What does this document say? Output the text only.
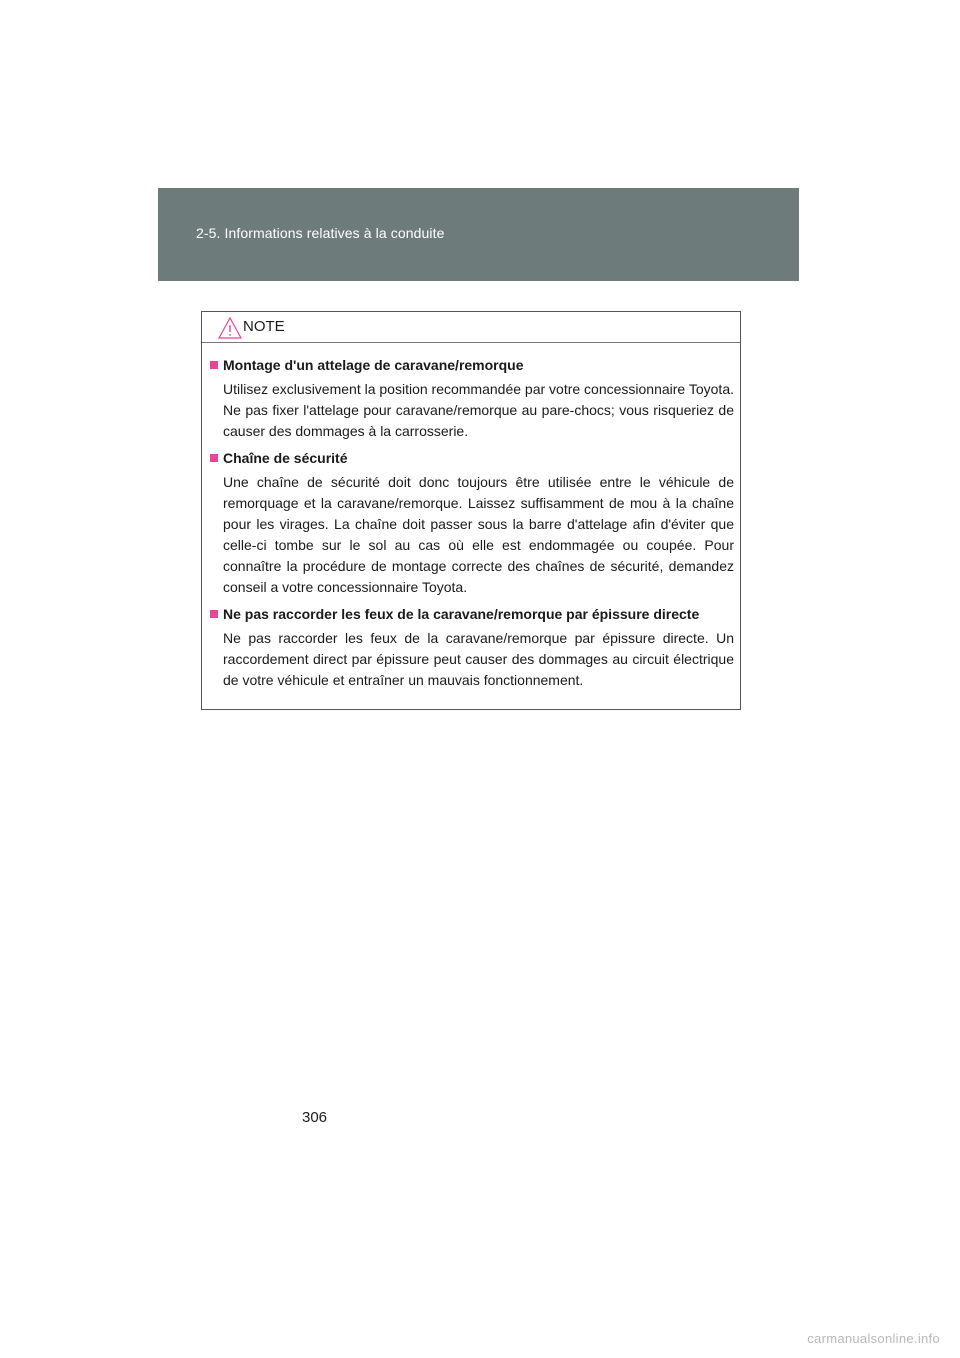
2-5. Informations relatives à la conduite
NOTE
Montage d'un attelage de caravane/remorque
Utilisez exclusivement la position recommandée par votre concessionnaire Toyota. Ne pas fixer l'attelage pour caravane/remorque au pare-chocs; vous risqueriez de causer des dommages à la carrosserie.
Chaîne de sécurité
Une chaîne de sécurité doit donc toujours être utilisée entre le véhicule de remorquage et la caravane/remorque. Laissez suffisamment de mou à la chaîne pour les virages. La chaîne doit passer sous la barre d'attelage afin d'éviter que celle-ci tombe sur le sol au cas où elle est endommagée ou coupée. Pour connaître la procédure de montage correcte des chaînes de sécurité, demandez conseil a votre concessionnaire Toyota.
Ne pas raccorder les feux de la caravane/remorque par épissure directe
Ne pas raccorder les feux de la caravane/remorque par épissure directe. Un raccordement direct par épissure peut causer des dommages au circuit électrique de votre véhicule et entraîner un mauvais fonctionnement.
306
carmanualsonline.info
